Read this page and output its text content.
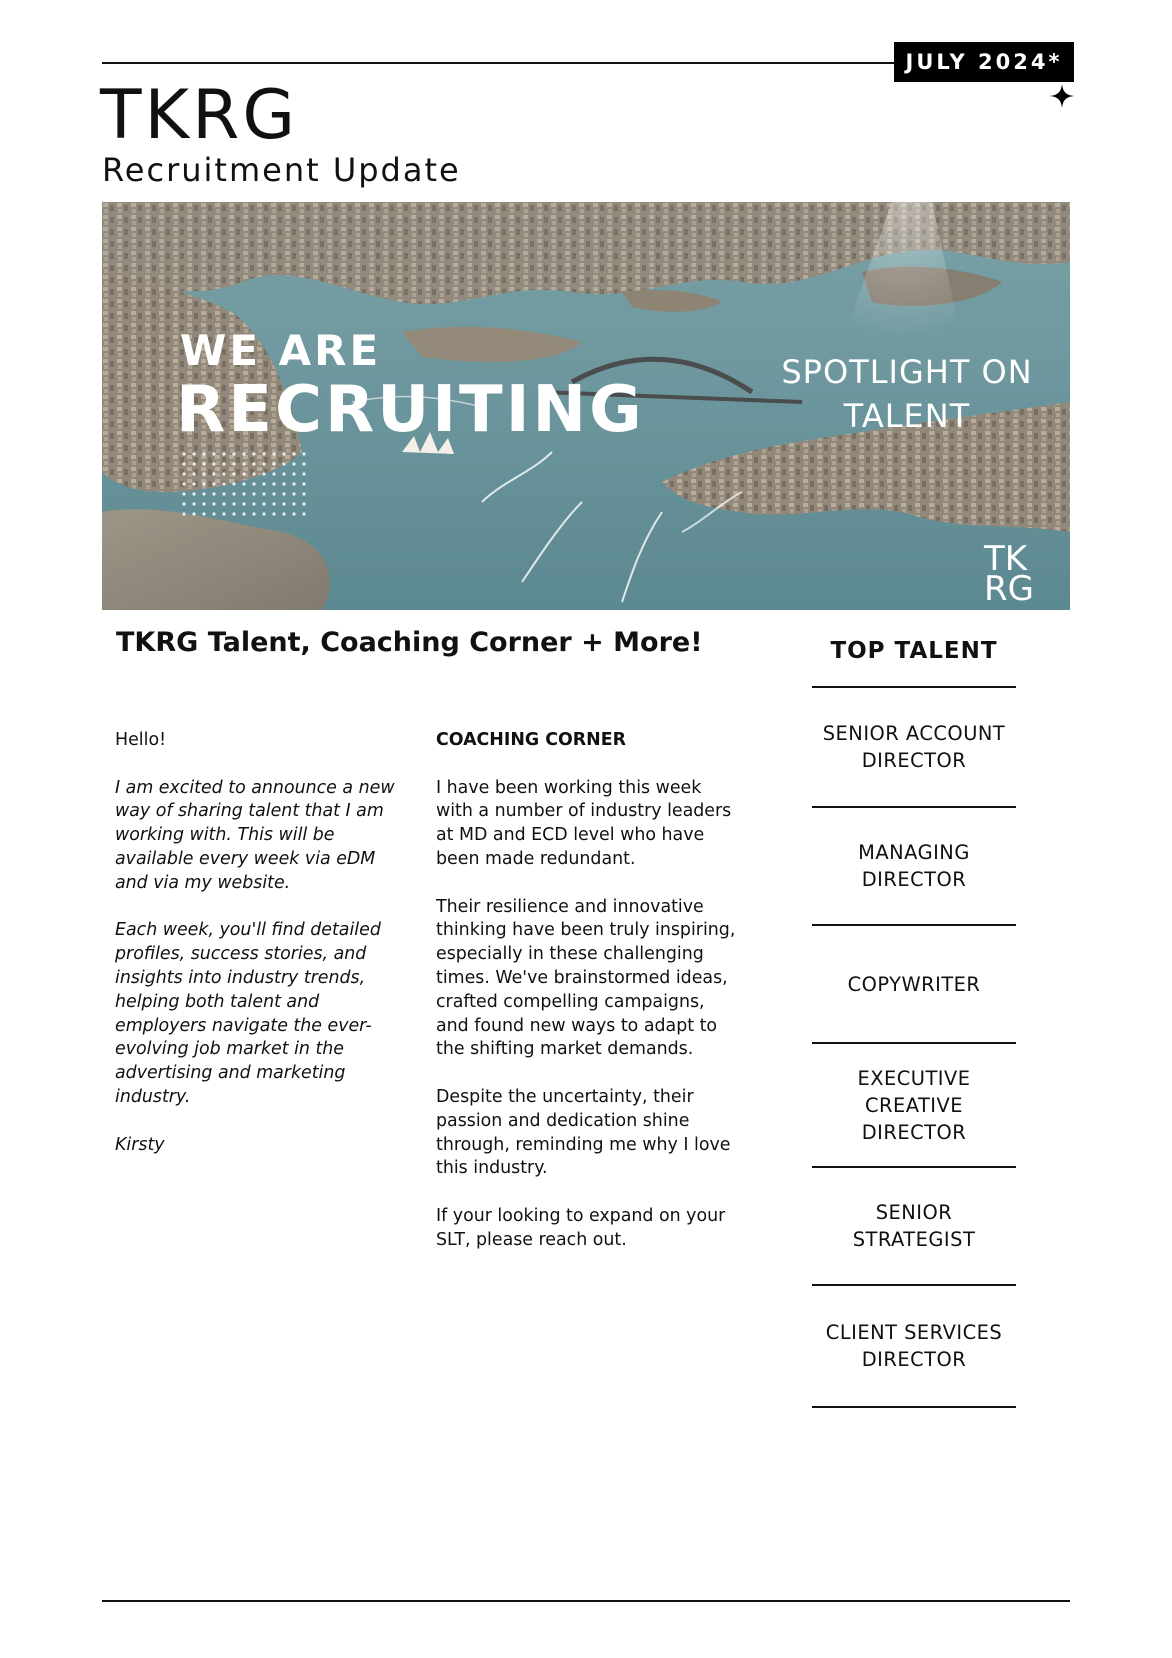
JULY 2024*
TKRG
Recruitment Update
WE ARE
RECRUITING
SPOTLIGHT ON TALENT
TK
RG
TKRG Talent, Coaching Corner + More!

Hello!

I am excited to announce a new way of sharing talent that I am working with. This will be available every week via eDM and via my website.

Each week, you'll find detailed profiles, success stories, and insights into industry trends, helping both talent and employers navigate the ever-evolving job market in the advertising and marketing industry.

Kirsty

COACHING CORNER

I have been working this week with a number of industry leaders at MD and ECD level who have been made redundant.

Their resilience and innovative thinking have been truly inspiring, especially in these challenging times. We've brainstormed ideas, crafted compelling campaigns, and found new ways to adapt to the shifting market demands.

Despite the uncertainty, their passion and dedication shine through, reminding me why I love this industry.

If your looking to expand on your SLT, please reach out.

TOP TALENT
SENIOR ACCOUNT DIRECTOR
MANAGING DIRECTOR
COPYWRITER
EXECUTIVE CREATIVE DIRECTOR
SENIOR STRATEGIST
CLIENT SERVICES DIRECTOR
